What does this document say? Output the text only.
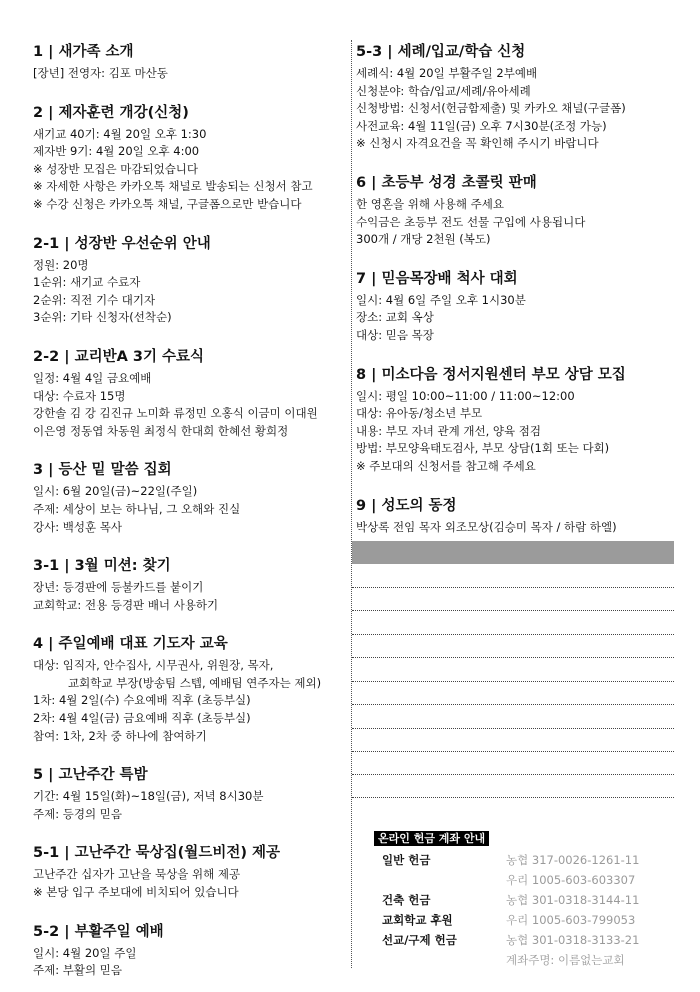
1 | 새가족 소개
[장년] 전영자: 김포 마산동
2 | 제자훈련 개강(신청)
새기교 40기: 4월 20일 오후 1:30
제자반 9기: 4월 20일 오후 4:00
※ 성장반 모집은 마감되었습니다
※ 자세한 사항은 카카오톡 채널로 발송되는 신청서 참고
※ 수강 신청은 카카오톡 채널, 구글폼으로만 받습니다
2-1 | 성장반 우선순위 안내
정원: 20명
1순위: 새기교 수료자
2순위: 직전 기수 대기자
3순위: 기타 신청자(선착순)
2-2 | 교리반A 3기 수료식
일정: 4월 4일 금요예배
대상: 수료자 15명
강한솔 김 강 김진규 노미화 류정민 오홍식 이금미 이대원
이은영 정동엽 차동원 최정식 한대희 한혜선 황희정
3 | 등산 밑 말씀 집회
일시: 6월 20일(금)~22일(주일)
주제: 세상이 보는 하나님, 그 오해와 진실
강사: 백성훈 목사
3-1 | 3월 미션: 찾기
장년: 등경판에 등불카드를 붙이기
교회학교: 전용 등경판 배너 사용하기
4 | 주일예배 대표 기도자 교육
대상: 임직자, 안수집사, 시무권사, 위원장, 목자,
교회학교 부장(방송팀 스텝, 예배팀 연주자는 제외)
1차: 4월 2일(수) 수요예배 직후 (초등부실)
2차: 4월 4일(금) 금요예배 직후 (초등부실)
참여: 1차, 2차 중 하나에 참여하기
5 | 고난주간 특밤
기간: 4월 15일(화)~18일(금), 저녁 8시30분
주제: 등경의 믿음
5-1 | 고난주간 묵상집(월드비전) 제공
고난주간 십자가 고난을 묵상을 위해 제공
※ 본당 입구 주보대에 비치되어 있습니다
5-2 | 부활주일 예배
일시: 4월 20일 주일
주제: 부활의 믿음
5-3 | 세례/입교/학습 신청
세례식: 4월 20일 부활주일 2부예배
신청분야: 학습/입교/세례/유아세례
신청방법: 신청서(헌금함제출) 및 카카오 채널(구글폼)
사전교육: 4월 11일(금) 오후 7시30분(조정 가능)
※ 신청시 자격요건을 꼭 확인해 주시기 바랍니다
6 | 초등부 성경 초콜릿 판매
한 영혼을 위해 사용해 주세요
수익금은 초등부 전도 선물 구입에 사용됩니다
300개 / 개당 2천원 (복도)
7 | 믿음목장배 척사 대회
일시: 4월 6일 주일 오후 1시30분
장소: 교회 옥상
대상: 믿음 목장
8 | 미소다음 정서지원센터 부모 상담 모집
일시: 평일 10:00~11:00 / 11:00~12:00
대상: 유아동/청소년 부모
내용: 부모 자녀 관계 개선, 양육 점검
방법: 부모양육태도검사, 부모 상담(1회 또는 다회)
※ 주보대의 신청서를 참고해 주세요
9 | 성도의 동정
박상록 전임 목자 외조모상(김승미 목자 / 하람 하엘)
온라인 헌금 계좌 안내
일반 헌금	농협 317-0026-1261-11
우리 1005-603-603307
건축 헌금	농협 301-0318-3144-11
교회학교 후원	우리 1005-603-799053
선교/구제 헌금	농협 301-0318-3133-21
계좌주명: 이름없는교회
